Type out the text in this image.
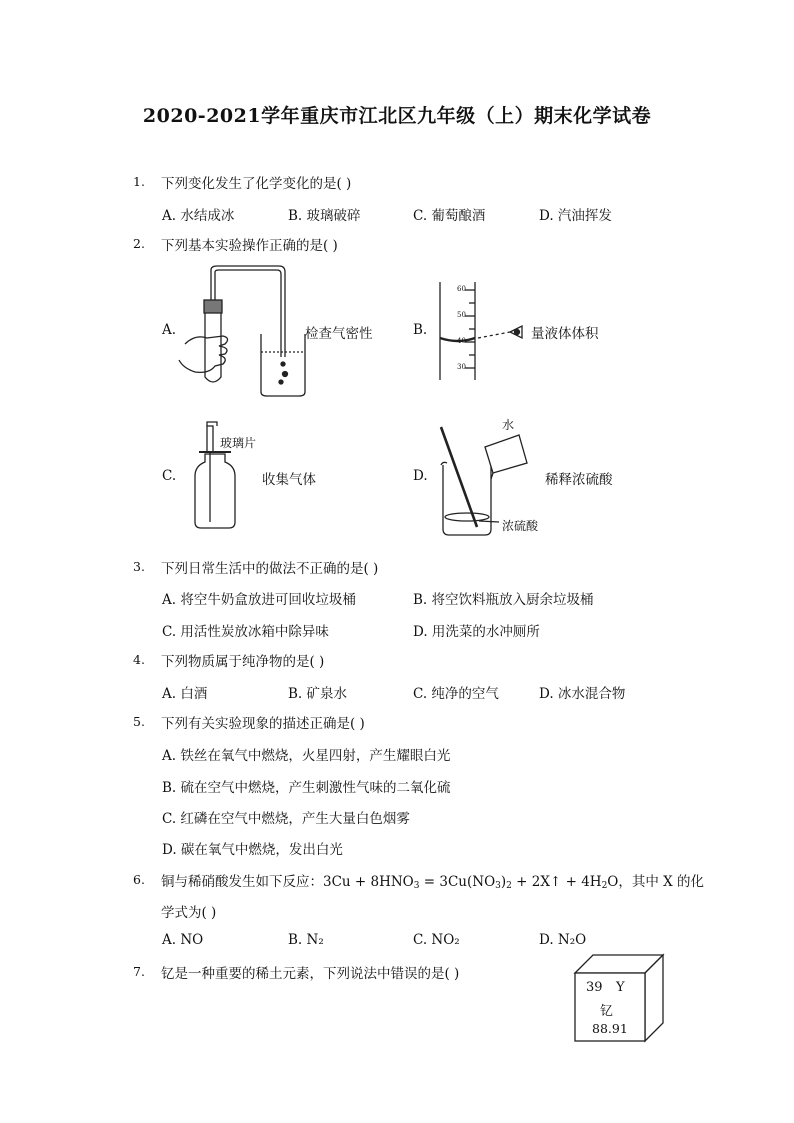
2020-2021学年重庆市江北区九年级（上）期末化学试卷
1. 下列变化发生了化学变化的是( )
A. 水结成冰	B. 玻璃破碎	C. 葡萄酿酒	D. 汽油挥发
2. 下列基本实验操作正确的是( )
A.	B.
C.	D.
检查气密性	量液体体积
收集气体	稀释浓硫酸
玻璃片
水
浓硫酸
60
50
40
30
3. 下列日常生活中的做法不正确的是( )
A. 将空牛奶盒放进可回收垃圾桶	B. 将空饮料瓶放入厨余垃圾桶
C. 用活性炭放冰箱中除异味	D. 用洗菜的水冲厕所
4. 下列物质属于纯净物的是( )
A. 白酒	B. 矿泉水	C. 纯净的空气	D. 冰水混合物
5. 下列有关实验现象的描述正确是( )
A. 铁丝在氧气中燃烧，火星四射，产生耀眼白光
B. 硫在空气中燃烧，产生刺激性气味的二氧化硫
C. 红磷在空气中燃烧，产生大量白色烟雾
D. 碳在氧气中燃烧，发出白光
6. 铜与稀硝酸发生如下反应：$3Cu + 8HNO_3 = 3Cu(NO_3)_2$ + 2X↑ + $4H_2O$，其中 X 的化
学式为( )
A. NO	B. N₂	C. NO₂	D. N₂O
7. 钇是一种重要的稀土元素，下列说法中错误的是( )
39 Y
钇
88.91
